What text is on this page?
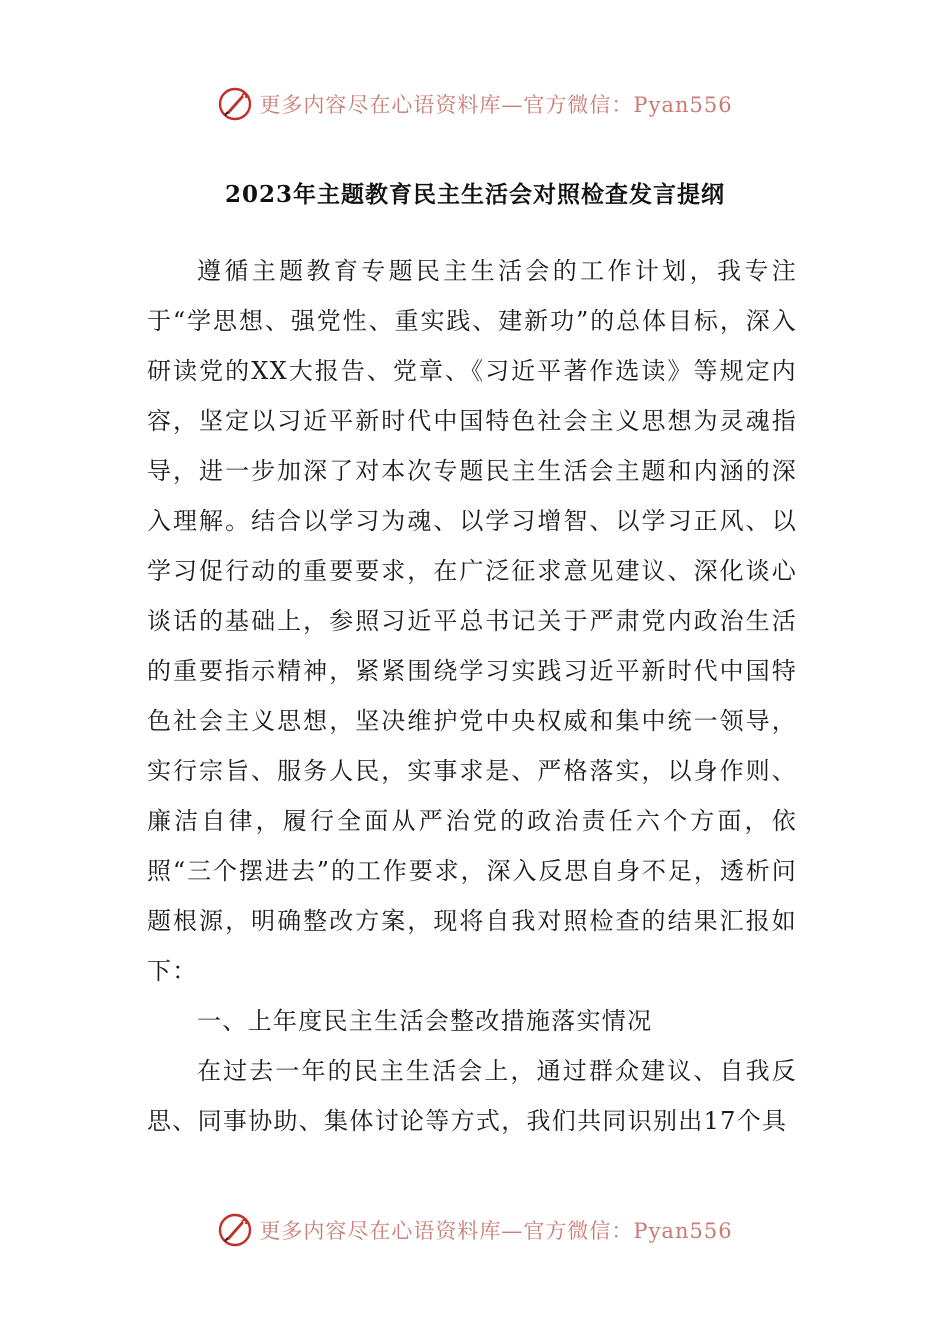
更多内容尽在心语资料库—官方微信：Pyan556
2023年主题教育民主生活会对照检查发言提纲

遵循主题教育专题民主生活会的工作计划，我专注于“学思想、强党性、重实践、建新功”的总体目标，深入研读党的XX大报告、党章、《习近平著作选读》等规定内容，坚定以习近平新时代中国特色社会主义思想为灵魂指导，进一步加深了对本次专题民主生活会主题和内涵的深入理解。结合以学习为魂、以学习增智、以学习正风、以学习促行动的重要要求，在广泛征求意见建议、深化谈心谈话的基础上，参照习近平总书记关于严肃党内政治生活的重要指示精神，紧紧围绕学习实践习近平新时代中国特色社会主义思想，坚决维护党中央权威和集中统一领导，实行宗旨、服务人民，实事求是、严格落实，以身作则、廉洁自律，履行全面从严治党的政治责任六个方面，依照“三个摆进去”的工作要求，深入反思自身不足，透析问题根源，明确整改方案，现将自我对照检查的结果汇报如下：

一、上年度民主生活会整改措施落实情况

在过去一年的民主生活会上，通过群众建议、自我反思、同事协助、集体讨论等方式，我们共同识别出17个具

更多内容尽在心语资料库—官方微信：Pyan556
